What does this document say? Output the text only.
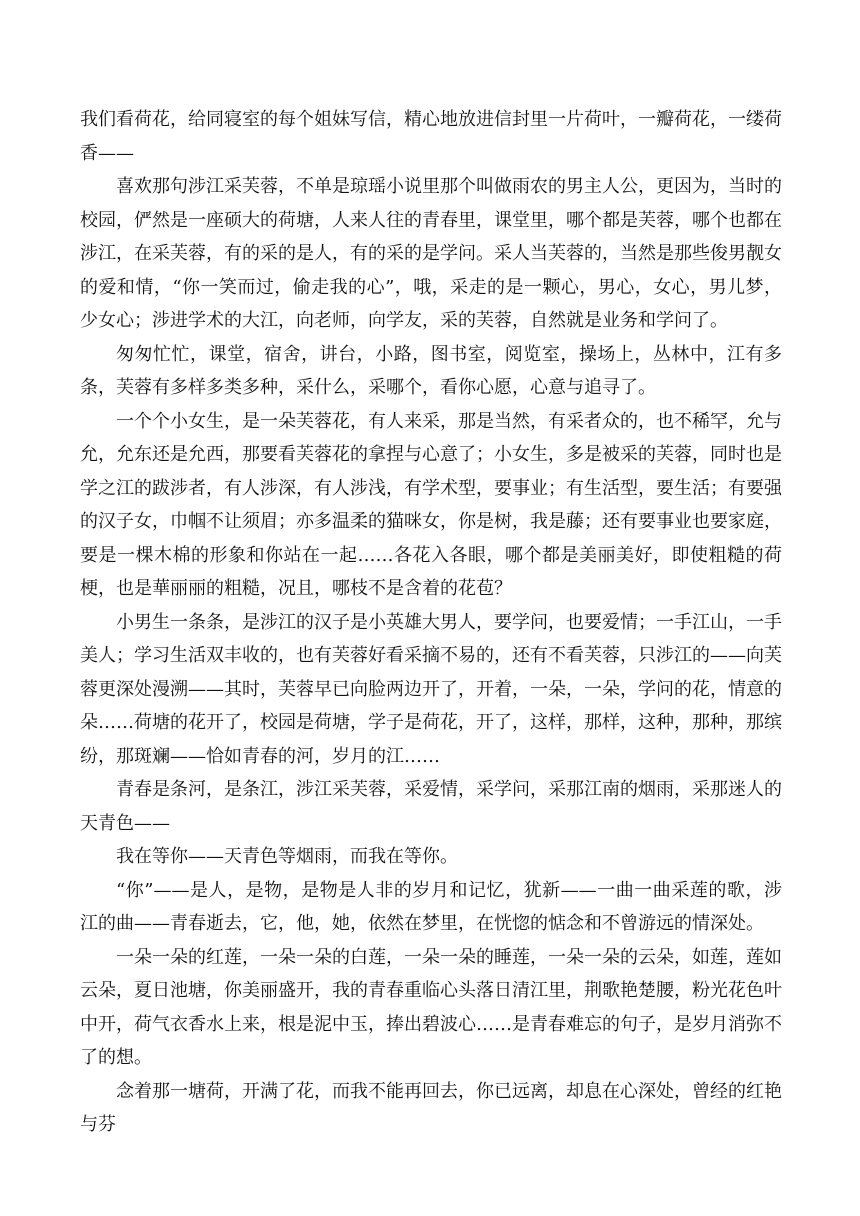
我们看荷花，给同寝室的每个姐妹写信，精心地放进信封里一片荷叶，一瓣荷花，一缕荷香——

喜欢那句涉江采芙蓉，不单是琼瑶小说里那个叫做雨农的男主人公，更因为，当时的校园，俨然是一座硕大的荷塘，人来人往的青春里，课堂里，哪个都是芙蓉，哪个也都在涉江，在采芙蓉，有的采的是人，有的采的是学问。采人当芙蓉的，当然是那些俊男靓女的爱和情，“你一笑而过，偷走我的心”，哦，采走的是一颗心，男心，女心，男儿梦，少女心；涉进学术的大江，向老师，向学友，采的芙蓉，自然就是业务和学问了。

匆匆忙忙，课堂，宿舍，讲台，小路，图书室，阅览室，操场上，丛林中，江有多条，芙蓉有多样多类多种，采什么，采哪个，看你心愿，心意与追寻了。

一个个小女生，是一朵芙蓉花，有人来采，那是当然，有采者众的，也不稀罕，允与允，允东还是允西，那要看芙蓉花的拿捏与心意了；小女生，多是被采的芙蓉，同时也是学之江的跋涉者，有人涉深，有人涉浅，有学术型，要事业；有生活型，要生活；有要强的汉子女，巾帼不让须眉；亦多温柔的猫咪女，你是树，我是藤；还有要事业也要家庭，要是一棵木棉的形象和你站在一起……各花入各眼，哪个都是美丽美好，即使粗糙的荷梗，也是華丽丽的粗糙，况且，哪枝不是含着的花苞？

小男生一条条，是涉江的汉子是小英雄大男人，要学问，也要爱情；一手江山，一手美人；学习生活双丰收的，也有芙蓉好看采摘不易的，还有不看芙蓉，只涉江的——向芙蓉更深处漫溯——其时，芙蓉早已向脸两边开了，开着，一朵，一朵，学问的花，情意的朵……荷塘的花开了，校园是荷塘，学子是荷花，开了，这样，那样，这种，那种，那缤纷，那斑斓——恰如青春的河，岁月的江……

青春是条河，是条江，涉江采芙蓉，采爱情，采学问，采那江南的烟雨，采那迷人的天青色——

我在等你——天青色等烟雨，而我在等你。

“你”——是人，是物，是物是人非的岁月和记忆，犹新——一曲一曲采莲的歌，涉江的曲——青春逝去，它，他，她，依然在梦里，在恍惚的惦念和不曾游远的情深处。

一朵一朵的红莲，一朵一朵的白莲，一朵一朵的睡莲，一朵一朵的云朵，如莲，莲如云朵，夏日池塘，你美丽盛开，我的青春重临心头落日清江里，荆歌艳楚腰，粉光花色叶中开，荷气衣香水上来，根是泥中玉，捧出碧波心……是青春难忘的句子，是岁月消弥不了的想。

念着那一塘荷，开满了花，而我不能再回去，你已远离，却息在心深处，曾经的红艳与芬
